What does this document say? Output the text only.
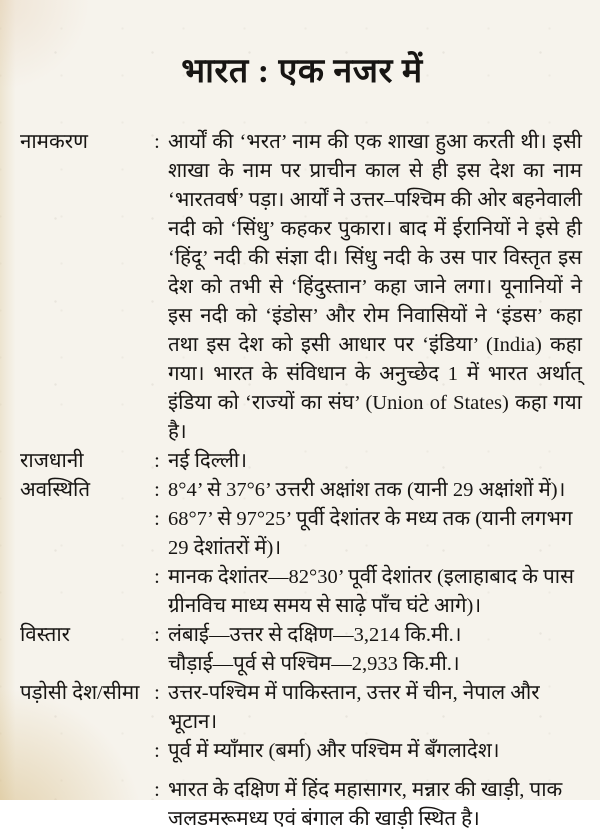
भारत : एक नजर में
नामकरण	: आर्यों की ‘भरत’ नाम की एक शाखा हुआ करती थी। इसी शाखा के नाम पर प्राचीन काल से ही इस देश का नाम ‘भारतवर्ष’ पड़ा। आर्यों ने उत्तर–पश्चिम की ओर बहनेवाली नदी को ‘सिंधु’ कहकर पुकारा। बाद में ईरानियों ने इसे ही ‘हिंदू’ नदी की संज्ञा दी। सिंधु नदी के उस पार विस्तृत इस देश को तभी से ‘हिंदुस्तान’ कहा जाने लगा। यूनानियों ने इस नदी को ‘इंडोस’ और रोम निवासियों ने ‘इंडस’ कहा तथा इस देश को इसी आधार पर ‘इंडिया’ (India) कहा गया। भारत के संविधान के अनुच्छेद 1 में भारत अर्थात् इंडिया को ‘राज्यों का संघ’ (Union of States) कहा गया है।
राजधानी	: नई दिल्ली।
अवस्थिति	: 8°4’ से 37°6’ उत्तरी अक्षांश तक (यानी 29 अक्षांशों में)।
: 68°7’ से 97°25’ पूर्वी देशांतर के मध्य तक (यानी लगभग 29 देशांतरों में)।
: मानक देशांतर—82°30’ पूर्वी देशांतर (इलाहाबाद के पास ग्रीनविच माध्य समय से साढ़े पाँच घंटे आगे)।
विस्तार	: लंबाई—उत्तर से दक्षिण—3,214 कि.मी.।
चौड़ाई—पूर्व से पश्चिम—2,933 कि.मी.।
पड़ोसी देश/सीमा : उत्तर-पश्चिम में पाकिस्तान, उत्तर में चीन, नेपाल और भूटान।
: पूर्व में म्याँमार (बर्मा) और पश्चिम में बँगलादेश।
: भारत के दक्षिण में हिंद महासागर, मन्नार की खाड़ी, पाक जलडमरूमध्य एवं बंगाल की खाड़ी स्थित है।
